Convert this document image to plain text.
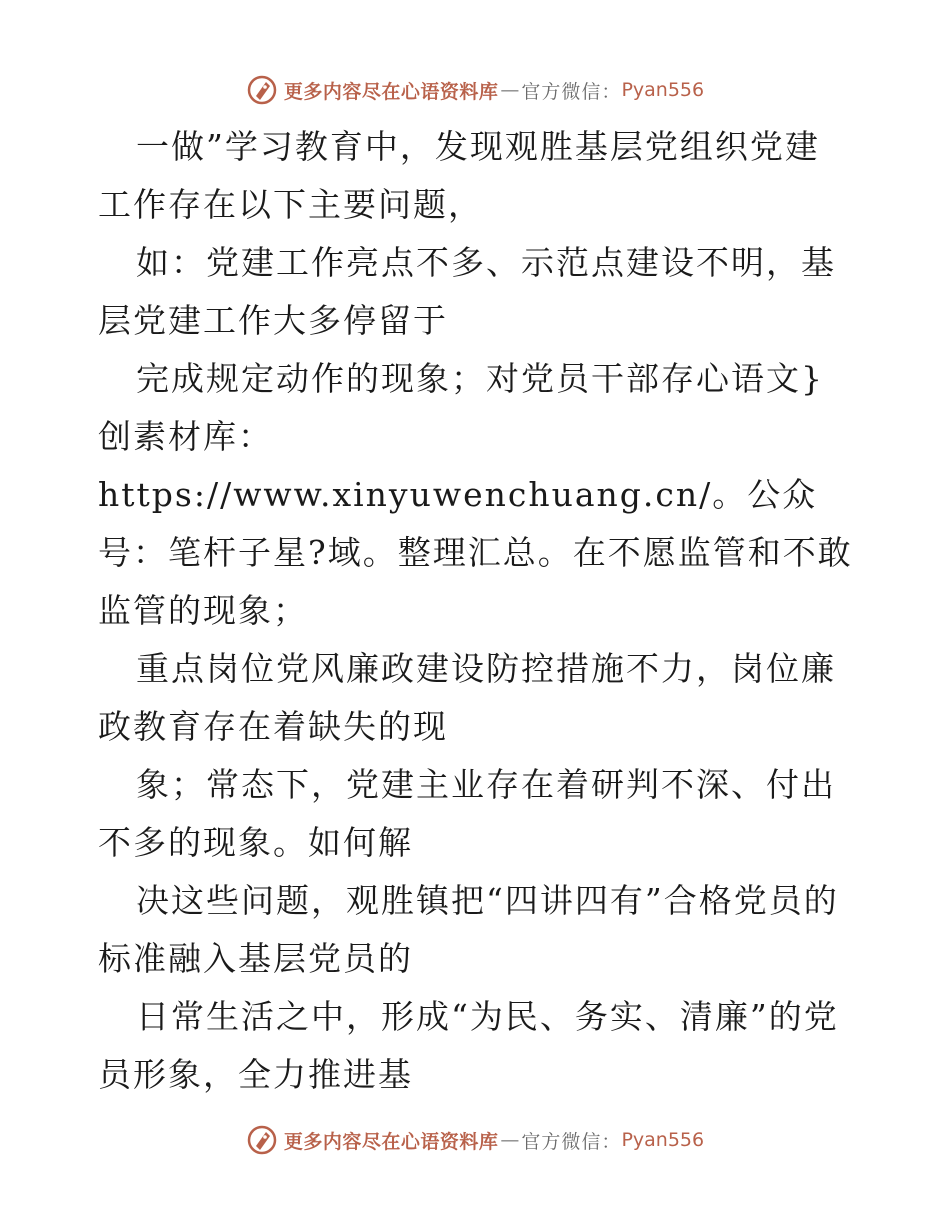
更多内容尽在心语资料库 — 官方微信： Pyan556

一做”学习教育中，发现观胜基层党组织党建工作存在以下主要问题，

如：党建工作亮点不多、示范点建设不明，基层党建工作大多停留于

完成规定动作的现象；对党员干部存心语文}创素材库：https://www.xinyuwenchuang.cn/。公众号：笔杆子星?域。整理汇总。在不愿监管和不敢监管的现象；

重点岗位党风廉政建设防控措施不力，岗位廉政教育存在着缺失的现

象；常态下，党建主业存在着研判不深、付出不多的现象。如何解

决这些问题，观胜镇把“四讲四有”合格党员的标准融入基层党员的

日常生活之中，形成“为民、务实、清廉”的党员形象，全力推进基

更多内容尽在心语资料库 — 官方微信： Pyan556
